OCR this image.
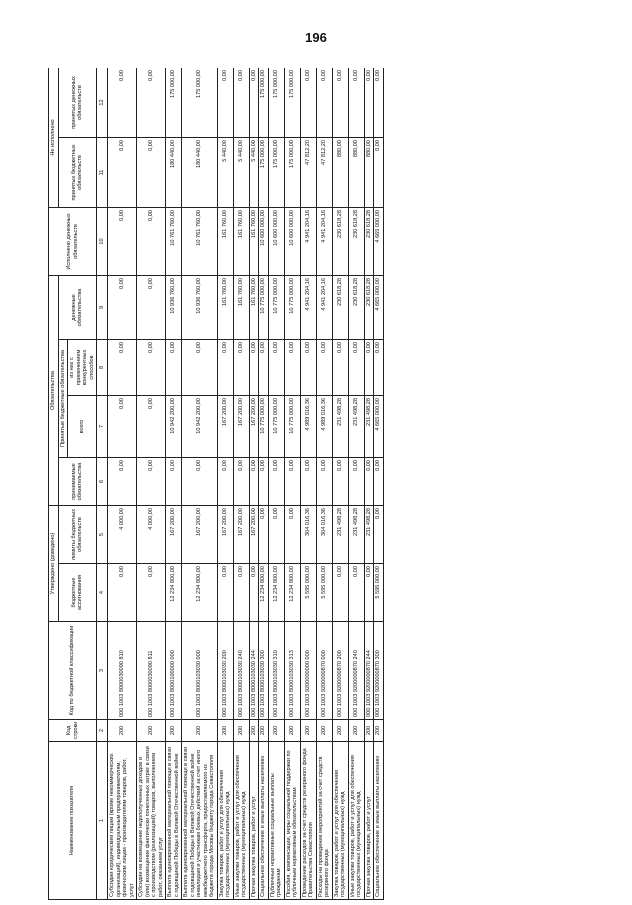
196
Наименование показателя	Код строки	Код по бюджетной классификации	Утверждено (доведено)		Обязательства				Исполнено денежных обязательств	Не исполнено	
			бюджетные ассигнования	лимиты бюджетных обязательств	принимаемые обязательства	Принятые бюджетные обязательства		денежные обязательства		принятых бюджетных обязательств	принятых денежных обязательств
						всего	из них с применением конкурентных способов				
1	2	3	4	5	6	7	8	9	10	11	12
Субсидии юридическим лицам (кроме некоммерческих организаций), индивидуальным предпринимателям, физическим лицам - производителям товаров, работ, услуг	200	000 1003 8000030090 810	0,00	4 000,00	0,00	0,00	0,00	0,00	0,00	0,00	0,00
Субсидии на возмещение недополученных доходов и (или) возмещение фактически понесенных затрат в связи с производством (реализацией) товаров, выполнением работ, оказанием услуг	200	000 1003 8000030090 811	0,00	4 000,00	0,00	0,00	0,00	0,00	0,00	0,00	0,00
Выплата единовременной материальной помощи в связи с годовщиной Победы в Великой Отечественной войне	200	000 1003 8000100000 000	12 234 800,00	167 200,00	0,00	10 942 200,00	0,00	10 936 760,00	10 761 760,00	180 440,00	175 000,00
Выплата единовременной материальной помощи в связи с годовщиной Победы в Великой Отечественной войне инвалидам и участникам боевых действий за счет иного межбюджетного трансферта, предоставляемого из бюджета города Москвы бюджету города Севастополя	200	000 1003 8000103030 000	12 234 800,00	167 200,00	0,00	10 942 200,00	0,00	10 936 760,00	10 761 760,00	180 440,00	175 000,00
Закупка товаров, работ и услуг для обеспечения государственных (муниципальных) нужд	200	000 1003 8000103030 200	0,00	167 200,00	0,00	167 200,00	0,00	161 760,00	161 760,00	5 440,00	0,00
Иные закупки товаров, работ и услуг для обеспечения государственных (муниципальных) нужд	200	000 1003 8000103030 240	0,00	167 200,00	0,00	167 200,00	0,00	161 760,00	161 760,00	5 440,00	0,00
Прочая закупка товаров, работ и услуг	200	000 1003 8000103030 244	0,00	167 200,00	0,00	167 200,00	0,00	161 760,00	161 760,00	5 440,00	0,00
Социальное обеспечение и иные выплаты населению	200	000 1003 8000103030 300	12 234 800,00	0,00	0,00	10 775 000,00	0,00	10 775 000,00	10 600 000,00	175 000,00	175 000,00
Публичные нормативные социальные выплаты гражданам	200	000 1003 8000103030 310	12 234 800,00	0,00	0,00	10 775 000,00	0,00	10 775 000,00	10 600 000,00	175 000,00	175 000,00
Пособия, компенсации, меры социальной поддержки по публичным нормативным обязательствам	200	000 1003 8000103030 313	12 234 800,00	0,00	0,00	10 775 000,00	0,00	10 775 000,00	10 600 000,00	175 000,00	175 000,00
Проведение расходов за счет средств резервного фонда Правительства Севастополя	200	000 1003 9200000000 000	5 595 000,00	304 016,36	0,00	4 989 016,36	0,00	4 941 204,16	4 941 204,16	47 812,20	0,00
Расходы на проведение мероприятий за счет средств резервного фонда	200	000 1003 9200000870 000	5 595 000,00	304 016,36	0,00	4 989 016,36	0,00	4 941 204,16	4 941 204,16	47 812,20	0,00
Закупка товаров, работ и услуг для обеспечения государственных (муниципальных) нужд	200	000 1003 9200000870 200	0,00	231 498,28	0,00	231 498,28	0,00	230 618,28	230 618,28	880,00	0,00
Иные закупки товаров, работ и услуг для обеспечения государственных (муниципальных) нужд	200	000 1003 9200000870 240	0,00	231 498,28	0,00	231 498,28	0,00	230 618,28	230 618,28	880,00	0,00
Прочая закупка товаров, работ и услуг	200	000 1003 9200000870 244	0,00	231 498,28	0,00	231 498,28	0,00	230 618,28	230 618,28	880,00	0,00
Социальное обеспечение и иные выплаты населению	200	000 1003 9200000870 300	5 595 000,00	0,00	0,00	4 665 000,00	0,00	4 665 000,00	4 665 000,00	0,00	0,00
